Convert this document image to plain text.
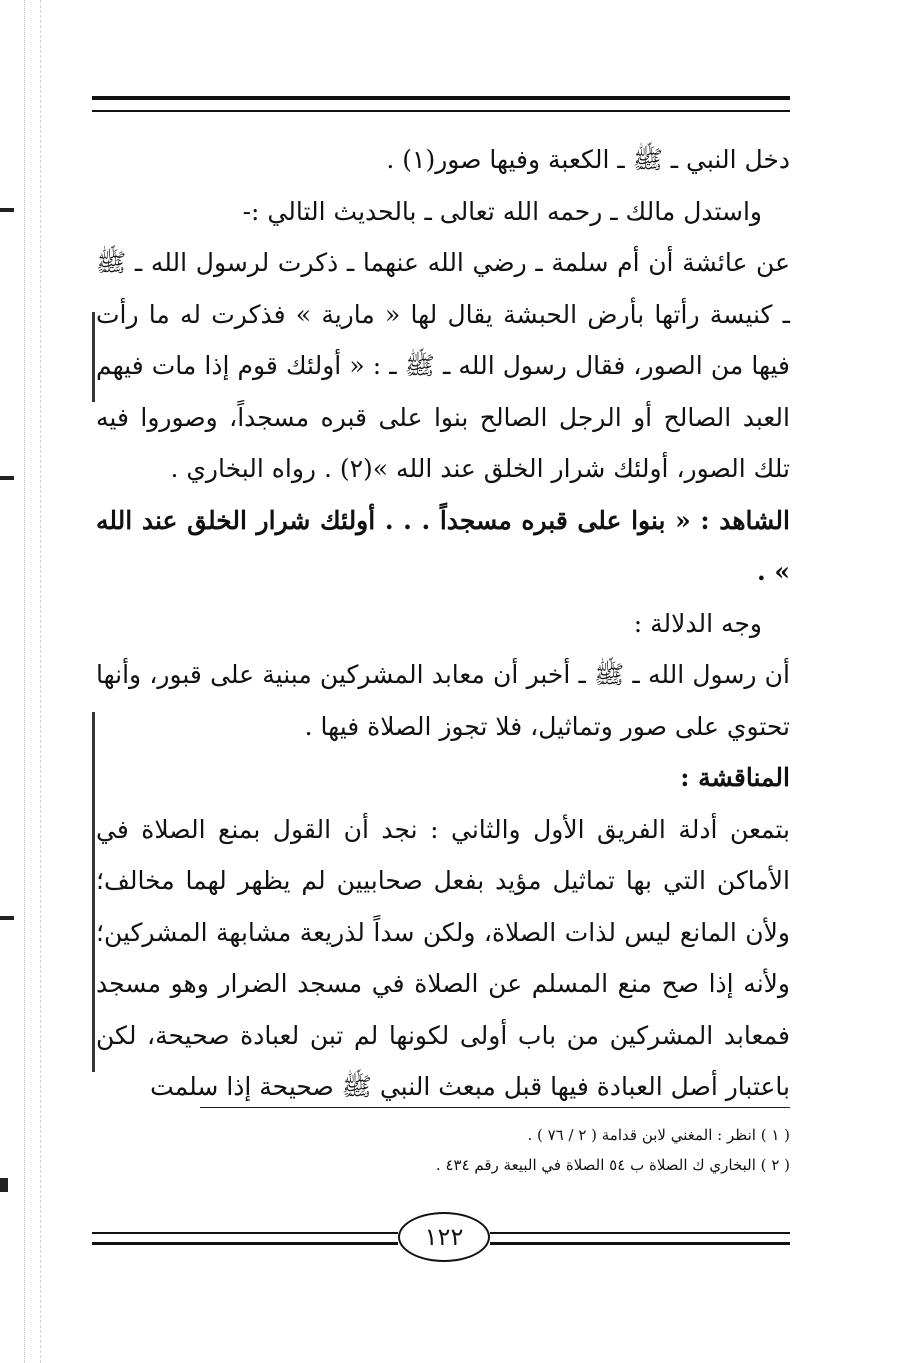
دخل النبي ـ ﷺ ـ الكعبة وفيها صور(١) .

واستدل مالك ـ رحمه الله تعالى ـ بالحديث التالي :-

عن عائشة أن أم سلمة ـ رضي الله عنهما ـ ذكرت لرسول الله ـ ﷺ ـ كنيسة رأتها بأرض الحبشة يقال لها « مارية » فذكرت له ما رأت فيها من الصور، فقال رسول الله ـ ﷺ ـ : « أولئك قوم إذا مات فيهم العبد الصالح أو الرجل الصالح بنوا على قبره مسجداً، وصوروا فيه تلك الصور، أولئك شرار الخلق عند الله »(٢) . رواه البخاري .

الشاهد : « بنوا على قبره مسجداً . . . أولئك شرار الخلق عند الله » .

وجه الدلالة :

أن رسول الله ـ ﷺ ـ أخبر أن معابد المشركين مبنية على قبور، وأنها تحتوي على صور وتماثيل، فلا تجوز الصلاة فيها .

المناقشة :

بتمعن أدلة الفريق الأول والثاني : نجد أن القول بمنع الصلاة في الأماكن التي بها تماثيل مؤيد بفعل صحابيين لم يظهر لهما مخالف؛ ولأن المانع ليس لذات الصلاة، ولكن سداً لذريعة مشابهة المشركين؛ ولأنه إذا صح منع المسلم عن الصلاة في مسجد الضرار وهو مسجد فمعابد المشركين من باب أولى لكونها لم تبن لعبادة صحيحة، لكن باعتبار أصل العبادة فيها قبل مبعث النبي ﷺ صحيحة إذا سلمت

( ١ ) انظر : المغني لابن قدامة ( ٢ / ٧٦ ) .

( ٢ ) البخاري ك الصلاة ب ٥٤ الصلاة في البيعة رقم ٤٣٤ .

١٢٢
